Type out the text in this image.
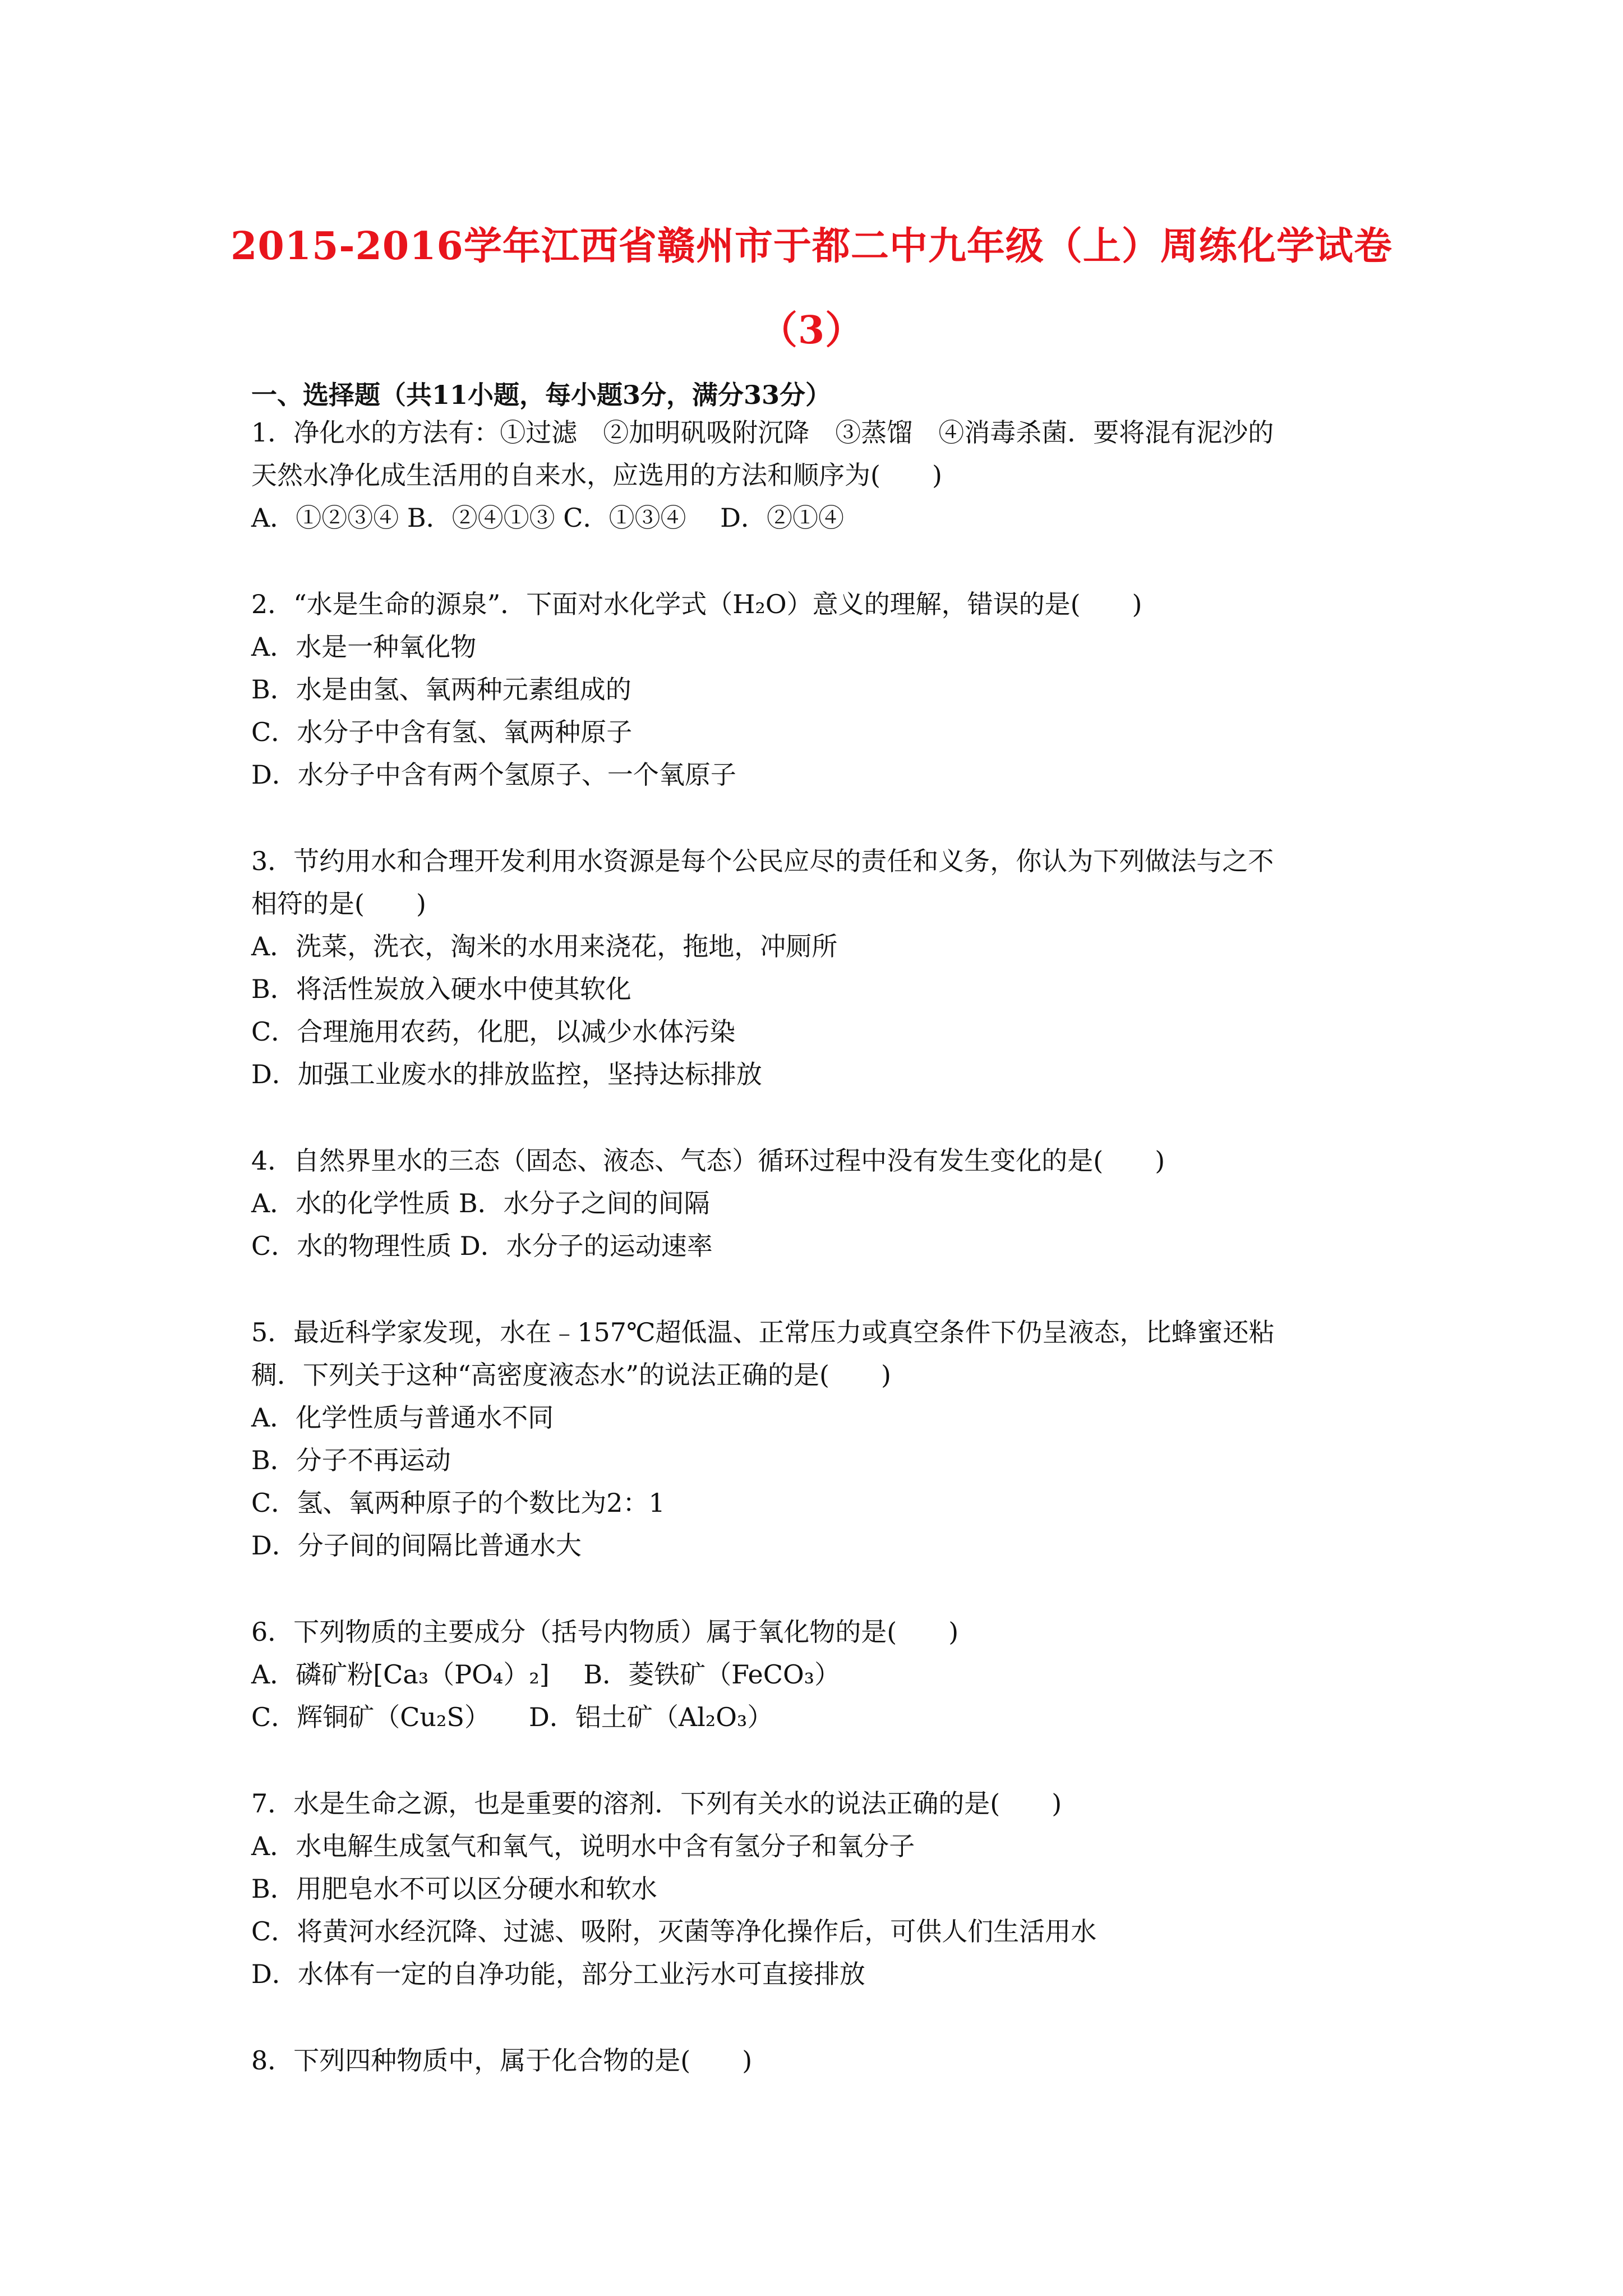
2015-2016学年江西省赣州市于都二中九年级（上）周练化学试卷
（3）
一、选择题（共11小题，每小题3分，满分33分）
1．净化水的方法有：①过滤　②加明矾吸附沉降　③蒸馏　④消毒杀菌．要将混有泥沙的
天然水净化成生活用的自来水，应选用的方法和顺序为(　　)
A．①②③④ B．②④①③ C．①③④　 D．②①④
2．“水是生命的源泉”．下面对水化学式（H₂O）意义的理解，错误的是(　　)
A．水是一种氧化物
B．水是由氢、氧两种元素组成的
C．水分子中含有氢、氧两种原子
D．水分子中含有两个氢原子、一个氧原子
3．节约用水和合理开发利用水资源是每个公民应尽的责任和义务，你认为下列做法与之不
相符的是(　　)
A．洗菜，洗衣，淘米的水用来浇花，拖地，冲厕所
B．将活性炭放入硬水中使其软化
C．合理施用农药，化肥，以减少水体污染
D．加强工业废水的排放监控，坚持达标排放
4．自然界里水的三态（固态、液态、气态）循环过程中没有发生变化的是(　　)
A．水的化学性质 B．水分子之间的间隔
C．水的物理性质 D．水分子的运动速率
5．最近科学家发现，水在﹣157℃超低温、正常压力或真空条件下仍呈液态，比蜂蜜还粘
稠．下列关于这种“高密度液态水”的说法正确的是(　　)
A．化学性质与普通水不同
B．分子不再运动
C．氢、氧两种原子的个数比为2：1
D．分子间的间隔比普通水大
6．下列物质的主要成分（括号内物质）属于氧化物的是(　　)
A．磷矿粉[Ca₃（PO₄）₂]　 B．菱铁矿（FeCO₃）
C．辉铜矿（Cu₂S）　　D．铝土矿（Al₂O₃）
7．水是生命之源，也是重要的溶剂．下列有关水的说法正确的是(　　)
A．水电解生成氢气和氧气，说明水中含有氢分子和氧分子
B．用肥皂水不可以区分硬水和软水
C．将黄河水经沉降、过滤、吸附，灭菌等净化操作后，可供人们生活用水
D．水体有一定的自净功能，部分工业污水可直接排放
8．下列四种物质中，属于化合物的是(　　)
